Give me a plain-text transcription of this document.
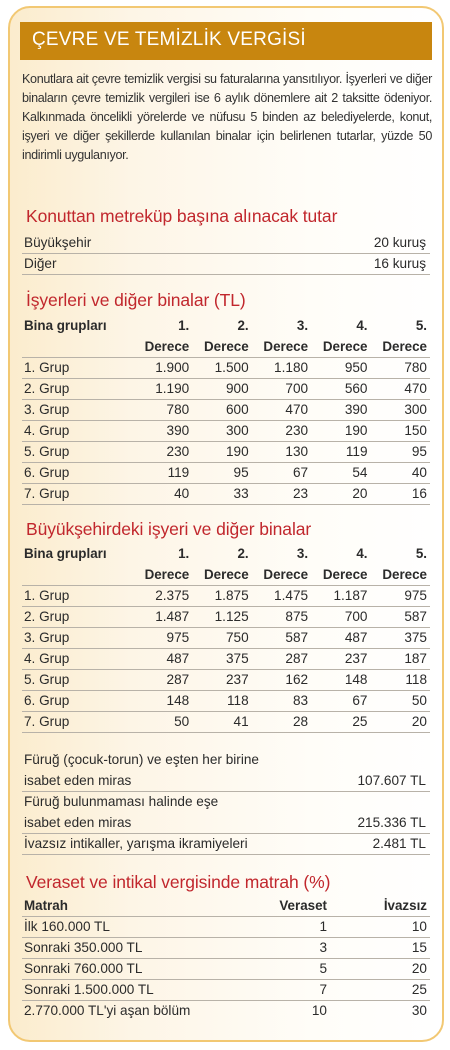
ÇEVRE VE TEMİZLİK VERGİSİ

Konutlara ait çevre temizlik vergisi su faturalarına yansıtılıyor. İşyerleri ve diğer binaların çevre temizlik vergileri ise 6 aylık dönemlere ait 2 taksitte ödeniyor. Kalkınmada öncelikli yörelerde ve nüfusu 5 binden az belediyelerde, konut, işyeri ve diğer şekillerde kullanılan binalar için belirlenen tutarlar, yüzde 50 indirimli uygulanıyor.

Konuttan metreküp başına alınacak tutar
Büyükşehir	20 kuruş
Diğer	16 kuruş
İşyerleri ve diğer binalar (TL)
Bina grupları	1.	2.	3.	4.	5.
	Derece	Derece	Derece	Derece	Derece
1. Grup	1.900	1.500	1.180	950	780
2. Grup	1.190	900	700	560	470
3. Grup	780	600	470	390	300
4. Grup	390	300	230	190	150
5. Grup	230	190	130	119	95
6. Grup	119	95	67	54	40
7. Grup	40	33	23	20	16
Büyükşehirdeki işyeri ve diğer binalar
Bina grupları	1.	2.	3.	4.	5.
	Derece	Derece	Derece	Derece	Derece
1. Grup	2.375	1.875	1.475	1.187	975
2. Grup	1.487	1.125	875	700	587
3. Grup	975	750	587	487	375
4. Grup	487	375	287	237	187
5. Grup	287	237	162	148	118
6. Grup	148	118	83	67	50
7. Grup	50	41	28	25	20
Füruğ (çocuk-torun) ve eşten her birine
isabet eden miras	107.607 TL
Füruğ bulunmaması halinde eşe
isabet eden miras	215.336 TL
İvazsız intikaller, yarışma ikramiyeleri	2.481 TL
Veraset ve intikal vergisinde matrah (%)
Matrah	Veraset	İvazsız
İlk 160.000 TL	1	10
Sonraki 350.000 TL	3	15
Sonraki 760.000 TL	5	20
Sonraki 1.500.000 TL	7	25
2.770.000 TL'yi aşan bölüm	10	30
